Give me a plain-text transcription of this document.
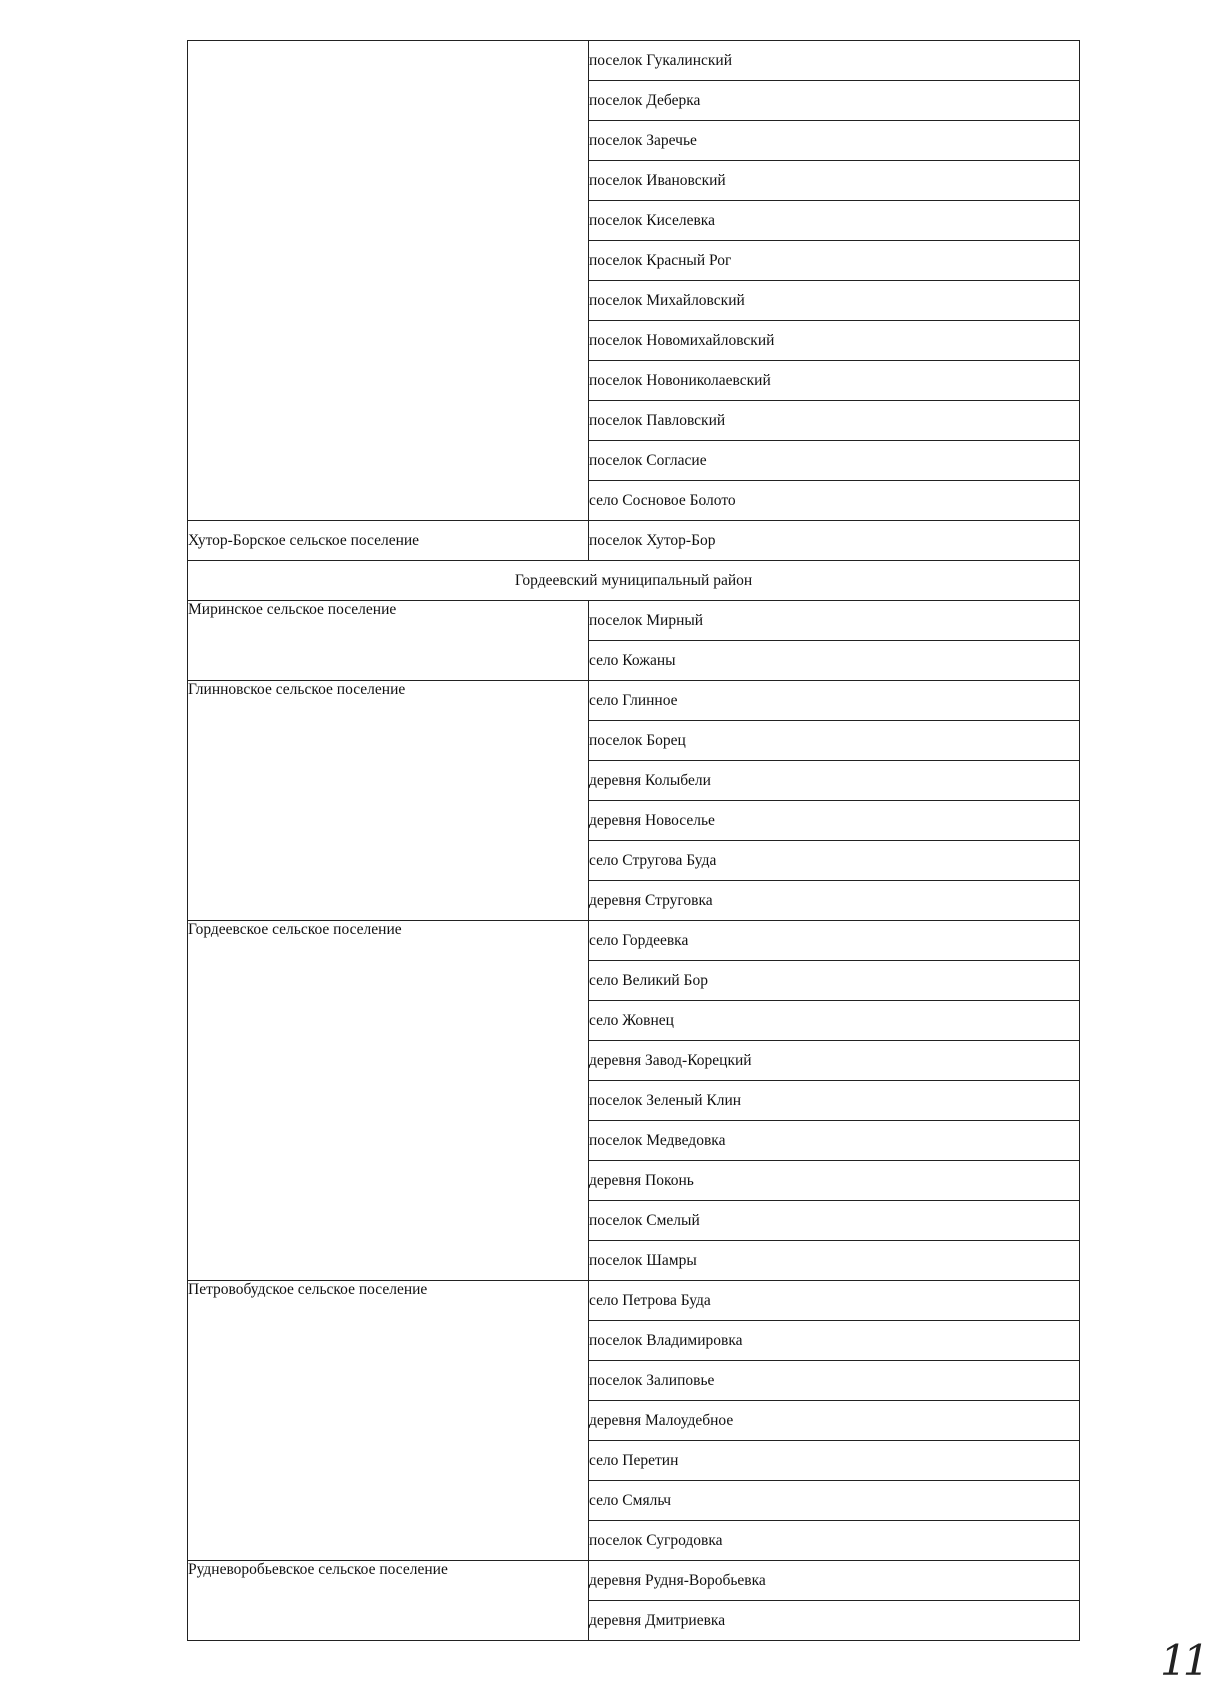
	поселок Гукалинский
	поселок Деберка
	поселок Заречье
	поселок Ивановский
	поселок Киселевка
	поселок Красный Рог
	поселок Михайловский
	поселок Новомихайловский
	поселок Новониколаевский
	поселок Павловский
	поселок Согласие
	село Сосновое Болото
Хутор-Борское сельское поселение	поселок Хутор-Бор
Гордеевский муниципальный район	
Миринское сельское поселение	поселок Мирный
	село Кожаны
Глинновское сельское поселение	село Глинное
	поселок Борец
	деревня Колыбели
	деревня Новоселье
	село Стругова Буда
	деревня Струговка
Гордеевское сельское поселение	село Гордеевка
	село Великий Бор
	село Жовнец
	деревня Завод-Корецкий
	поселок Зеленый Клин
	поселок Медведовка
	деревня Поконь
	поселок Смелый
	поселок Шамры
Петровобудское сельское поселение	село Петрова Буда
	поселок Владимировка
	поселок Залиповье
	деревня Малоудебное
	село Перетин
	село Смяльч
	поселок Сугродовка
Рудневоробьевское сельское поселение	деревня Рудня-Воробьевка
	деревня Дмитриевка
11
